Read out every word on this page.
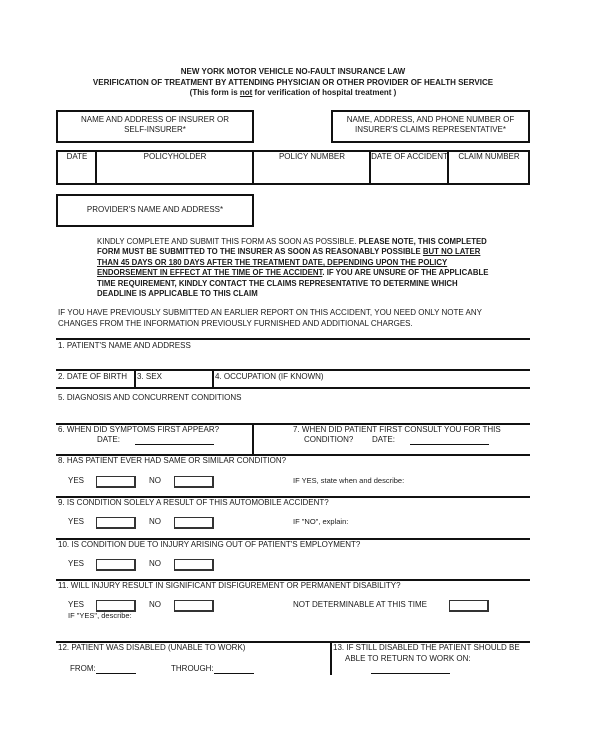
NEW YORK MOTOR VEHICLE NO-FAULT INSURANCE LAW
VERIFICATION OF TREATMENT BY ATTENDING PHYSICIAN OR OTHER PROVIDER OF HEALTH SERVICE
(This form is not for verification of hospital treatment )
NAME AND ADDRESS OF INSURER OR SELF-INSURER*
NAME, ADDRESS, AND PHONE NUMBER OF INSURER'S CLAIMS REPRESENTATIVE*
DATE	POLICYHOLDER	POLICY NUMBER	DATE OF ACCIDENT	CLAIM NUMBER
PROVIDER'S NAME AND ADDRESS*
KINDLY COMPLETE AND SUBMIT THIS FORM AS SOON AS POSSIBLE. PLEASE NOTE, THIS COMPLETED FORM MUST BE SUBMITTED TO THE INSURER AS SOON AS REASONABLY POSSIBLE BUT NO LATER THAN 45 DAYS OR 180 DAYS AFTER THE TREATMENT DATE, DEPENDING UPON THE POLICY ENDORSEMENT IN EFFECT AT THE TIME OF THE ACCIDENT. IF YOU ARE UNSURE OF THE APPLICABLE TIME REQUIREMENT, KINDLY CONTACT THE CLAIMS REPRESENTATIVE TO DETERMINE WHICH DEADLINE IS APPLICABLE TO THIS CLAIM
IF YOU HAVE PREVIOUSLY SUBMITTED AN EARLIER REPORT ON THIS ACCIDENT, YOU NEED ONLY NOTE ANY
CHANGES FROM THE INFORMATION PREVIOUSLY FURNISHED AND ADDITIONAL CHARGES.
1. PATIENT'S NAME AND ADDRESS
2. DATE OF BIRTH 3. SEX	4. OCCUPATION (IF KNOWN)
5. DIAGNOSIS AND CONCURRENT CONDITIONS
6. WHEN DID SYMPTOMS FIRST APPEAR?
DATE:
7. WHEN DID PATIENT FIRST CONSULT YOU FOR THIS
CONDITION? DATE:
8. HAS PATIENT EVER HAD SAME OR SIMILAR CONDITION?
YES	NO	IF YES, state when and describe:
9. IS CONDITION SOLELY A RESULT OF THIS AUTOMOBILE ACCIDENT?
YES	NO	IF "NO", explain:
10. IS CONDITION DUE TO INJURY ARISING OUT OF PATIENT'S EMPLOYMENT?
YES	NO
11. WILL INJURY RESULT IN SIGNIFICANT DISFIGUREMENT OR PERMANENT DISABILITY?
YES	NO	NOT DETERMINABLE AT THIS TIME
IF "YES", describe:
12. PATIENT WAS DISABLED (UNABLE TO WORK)
FROM:	THROUGH:
13. IF STILL DISABLED THE PATIENT SHOULD BE
ABLE TO RETURN TO WORK ON:
